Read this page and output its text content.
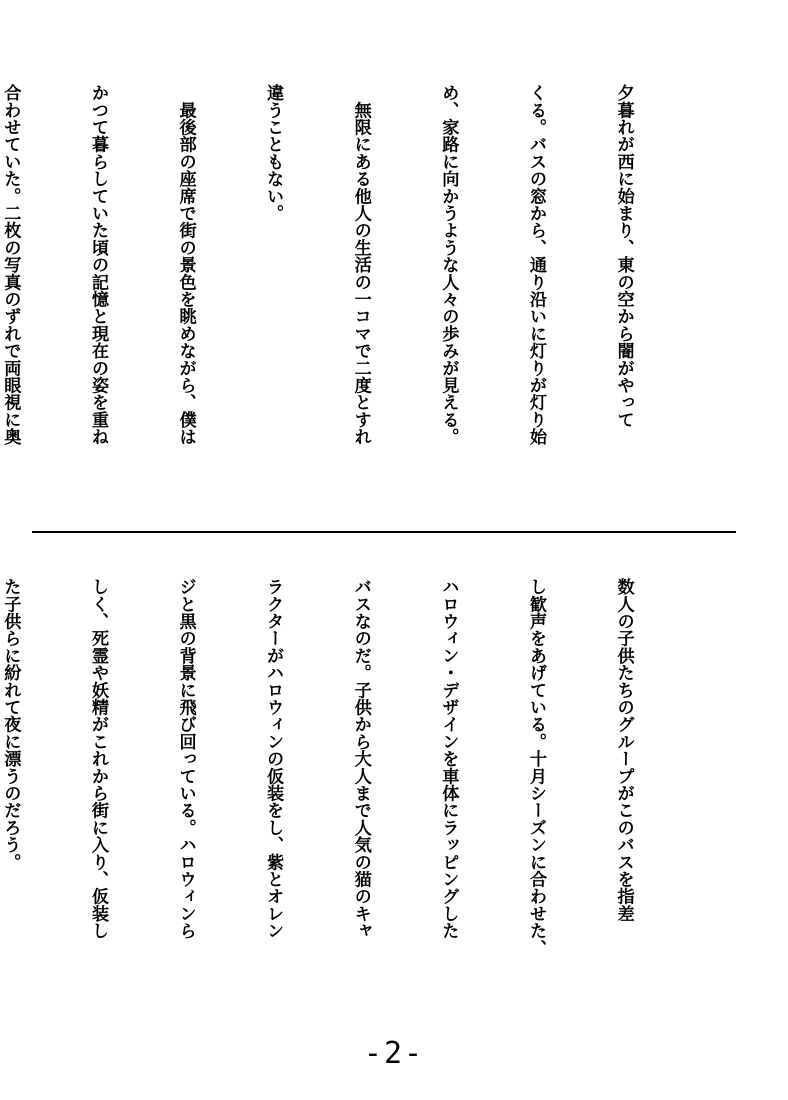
夕暮れが西に始まり、東の空から闇がやって

くる。バスの窓から、通り沿いに灯りが灯り始

め、家路に向かうような人々の歩みが見える。

　無限にある他人の生活の一コマで二度とすれ

違うこともない。

　最後部の座席で街の景色を眺めながら、僕は

かつて暮らしていた頃の記憶と現在の姿を重ね

合わせていた。二枚の写真のずれで両眼視に奥

数人の子供たちのグループがこのバスを指差

し歓声をあげている。十月シーズンに合わせた、

ハロウィン・デザインを車体にラッピングした

バスなのだ。子供から大人まで人気の猫のキャ

ラクターがハロウィンの仮装をし、紫とオレン

ジと黒の背景に飛び回っている。ハロウィンら

しく、死霊や妖精がこれから街に入り、仮装し

た子供らに紛れて夜に漂うのだろう。

-2-
